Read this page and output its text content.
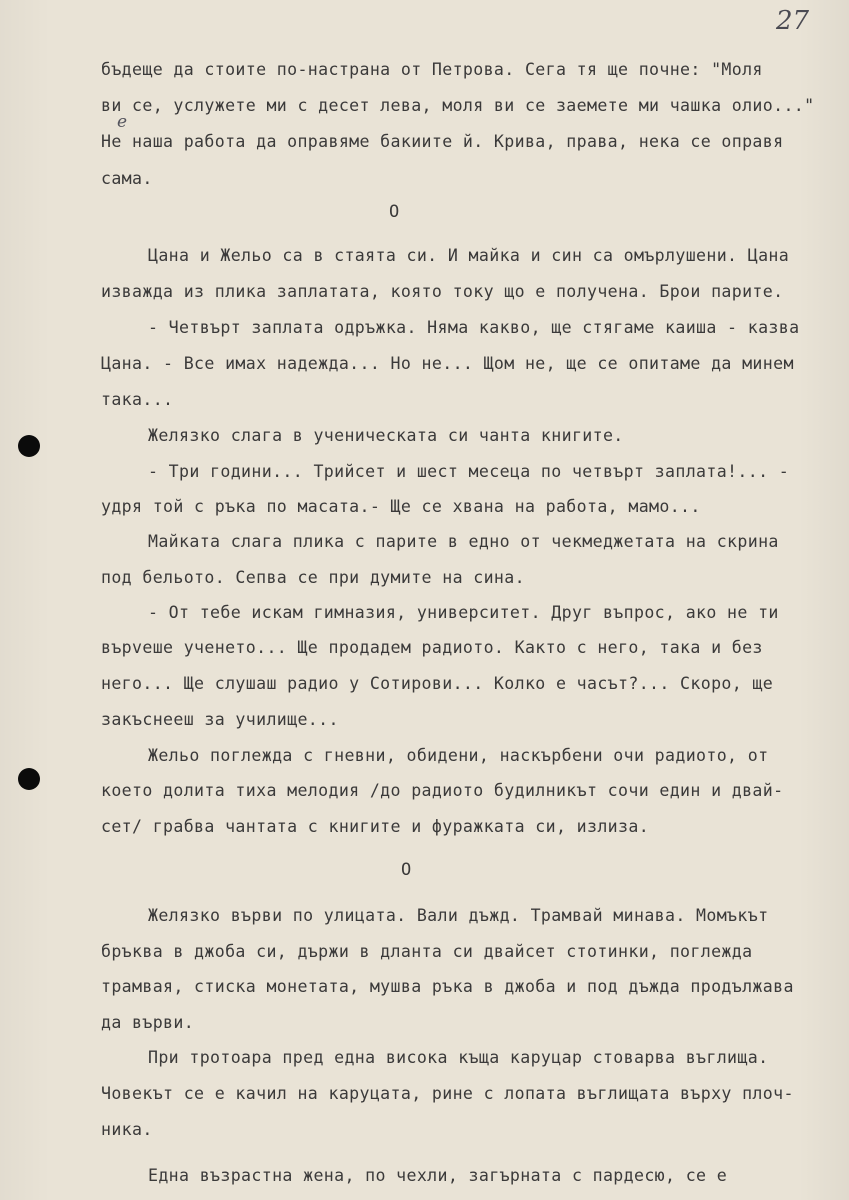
27
е
бъдеще да стоите по-настрана от Петрова. Сега тя ще почне: "Моля
ви се, услужете ми с десет лева, моля ви се заемете ми чашка олио..."
Не наша работа да оправяме бакиите й. Крива, права, нека се оправя
сама.
О
Цана и Жельо са в стаята си. И майка и син са омърлушени. Цана
изважда из плика заплатата, която току що е получена. Брои парите.
- Четвърт заплата одръжка. Няма какво, ще стягаме каиша - казва
Цана. - Все имах надежда... Но не... Щом не, ще се опитаме да минем
така...
Желязко слага в ученическата си чанта книгите.
- Три години... Трийсет и шест месеца по четвърт заплата!... -
удря той с ръка по масата.- Ще се хвана на работа, мамо...
Майката слага плика с парите в едно от чекмеджетата на скрина
под бельото. Сепва се при думите на сина.
- От тебе искам гимназия, университет. Друг въпрос, ако не ти
върveше ученето... Ще продадем радиото. Както с него, така и без
него... Ще слушаш радио у Сотирови... Колко е часът?... Скоро, ще
закъснееш за училище...
Жельо поглежда с гневни, обидени, наскърбени очи радиото, от
което долита тиха мелодия /до радиото будилникът сочи един и двай-
сет/ грабва чантата с книгите и фуражката си, излиза.
О
Желязко върви по улицата. Вали дъжд. Трамвай минава. Момъкът
бръква в джоба си, държи в дланта си двайсет стотинки, поглежда
трамвая, стиска монетата, мушва ръка в джоба и под дъжда продължава
да върви.
При тротоара пред една висока къща каруцар стоварва въглища.
Човекът се е качил на каруцата, рине с лопата въглищата върху плоч-
ника.
Една възрастна жена, по чехли, загърната с пардесю, се е
